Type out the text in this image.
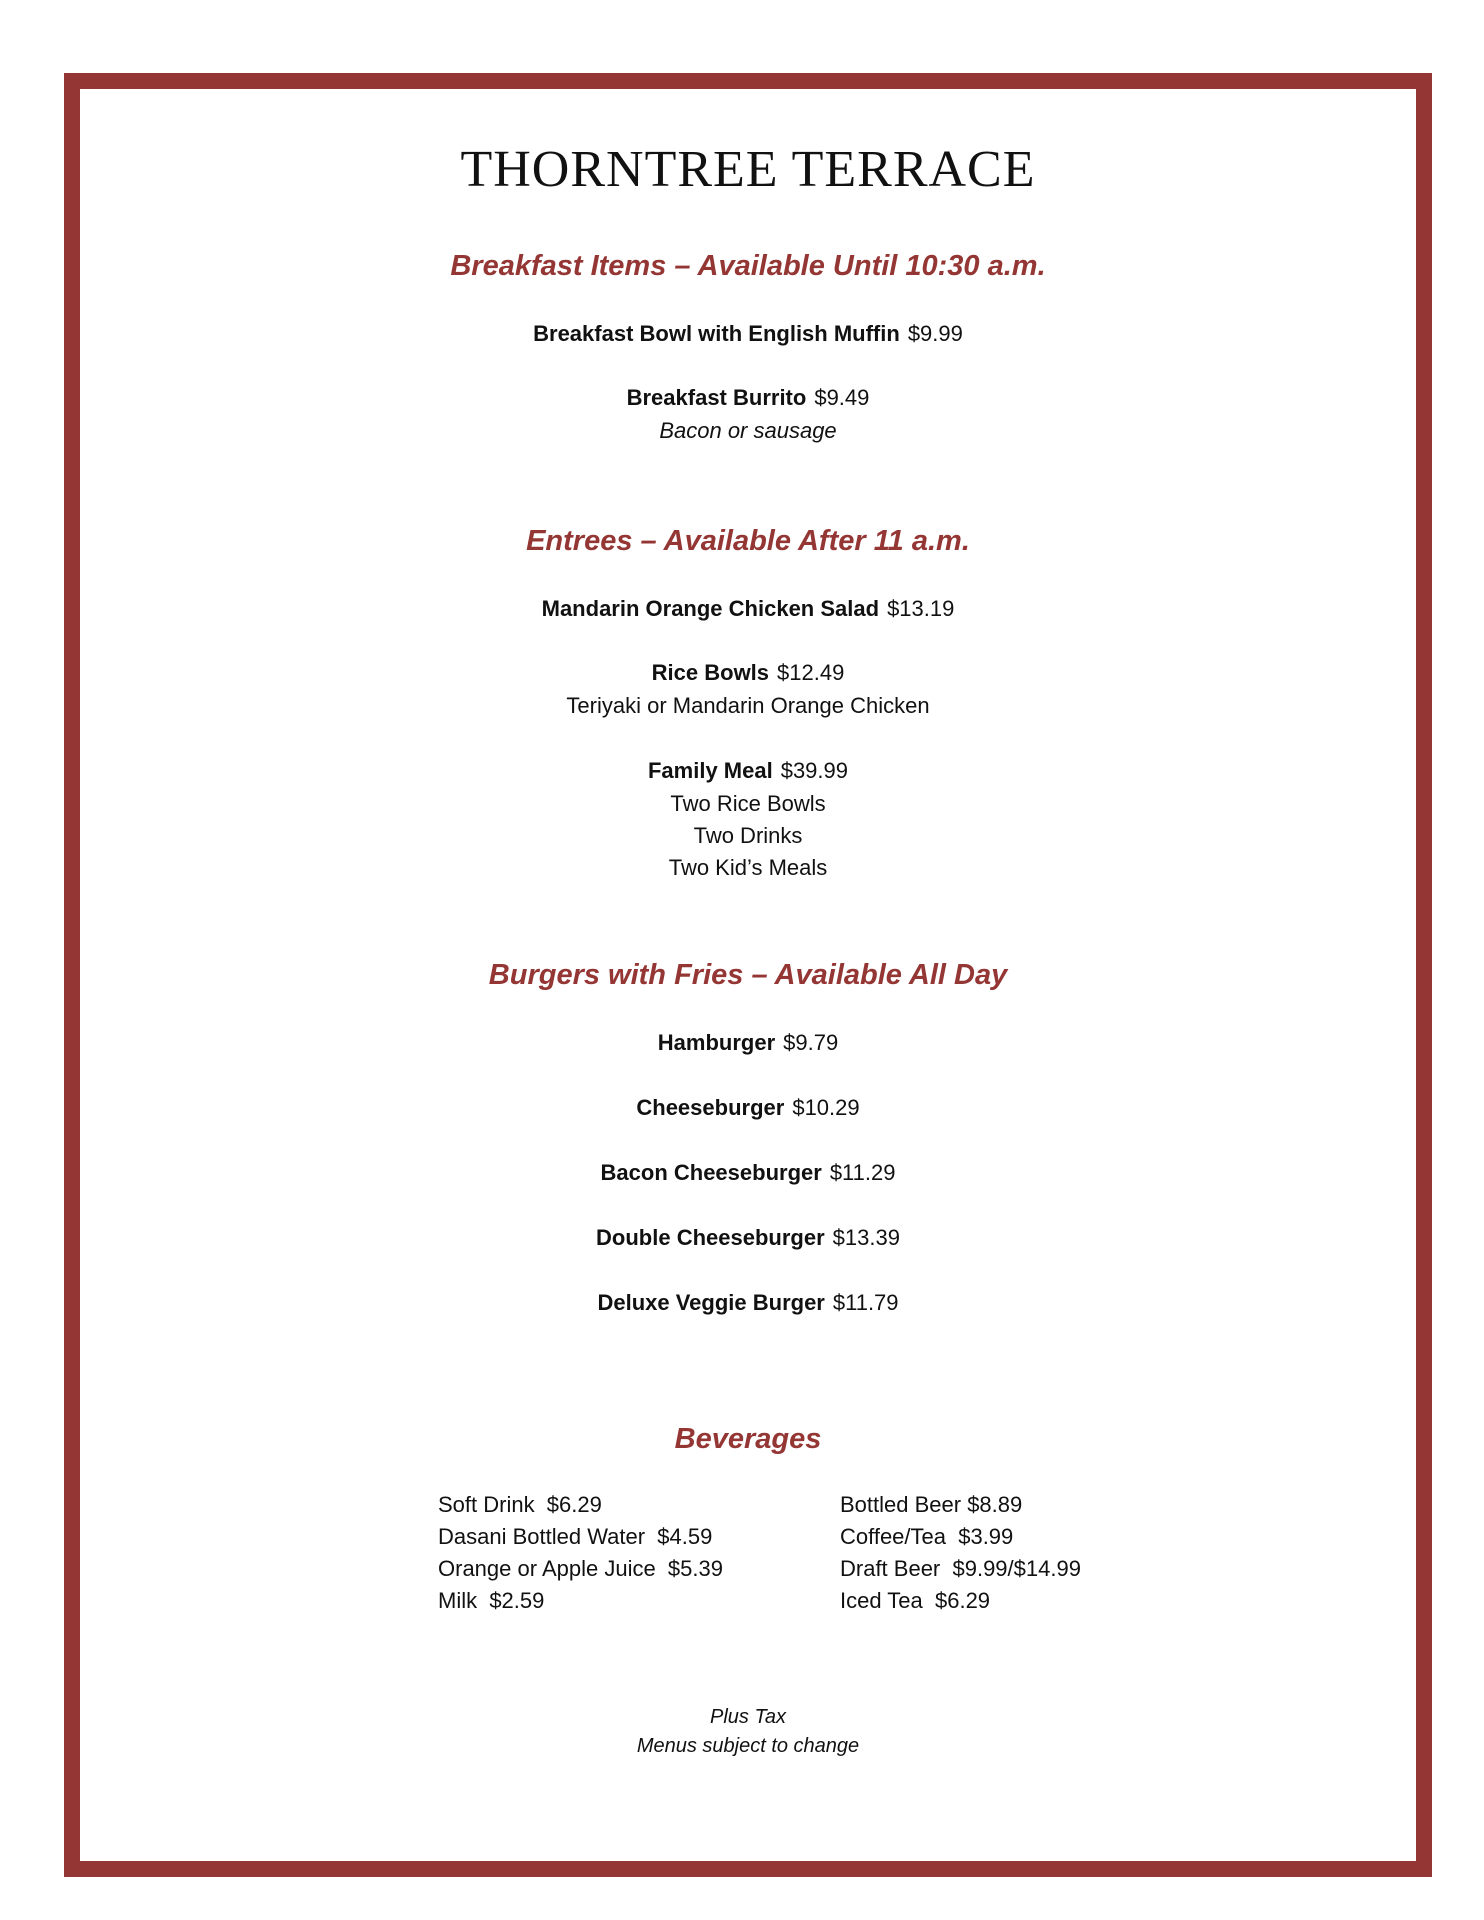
THORNTREE TERRACE
Breakfast Items – Available Until 10:30 a.m.
Breakfast Bowl with English Muffin $9.99
Breakfast Burrito $9.49
Bacon or sausage
Entrees – Available After 11 a.m.
Mandarin Orange Chicken Salad $13.19
Rice Bowls $12.49
Teriyaki or Mandarin Orange Chicken
Family Meal $39.99
Two Rice Bowls
Two Drinks
Two Kid’s Meals
Burgers with Fries – Available All Day
Hamburger $9.79
Cheeseburger $10.29
Bacon Cheeseburger $11.29
Double Cheeseburger $13.39
Deluxe Veggie Burger $11.79
Beverages
Soft Drink  $6.29
Dasani Bottled Water  $4.59
Orange or Apple Juice  $5.39
Milk  $2.59
Bottled Beer $8.89
Coffee/Tea  $3.99
Draft Beer  $9.99/$14.99
Iced Tea  $6.29
Plus Tax
Menus subject to change
